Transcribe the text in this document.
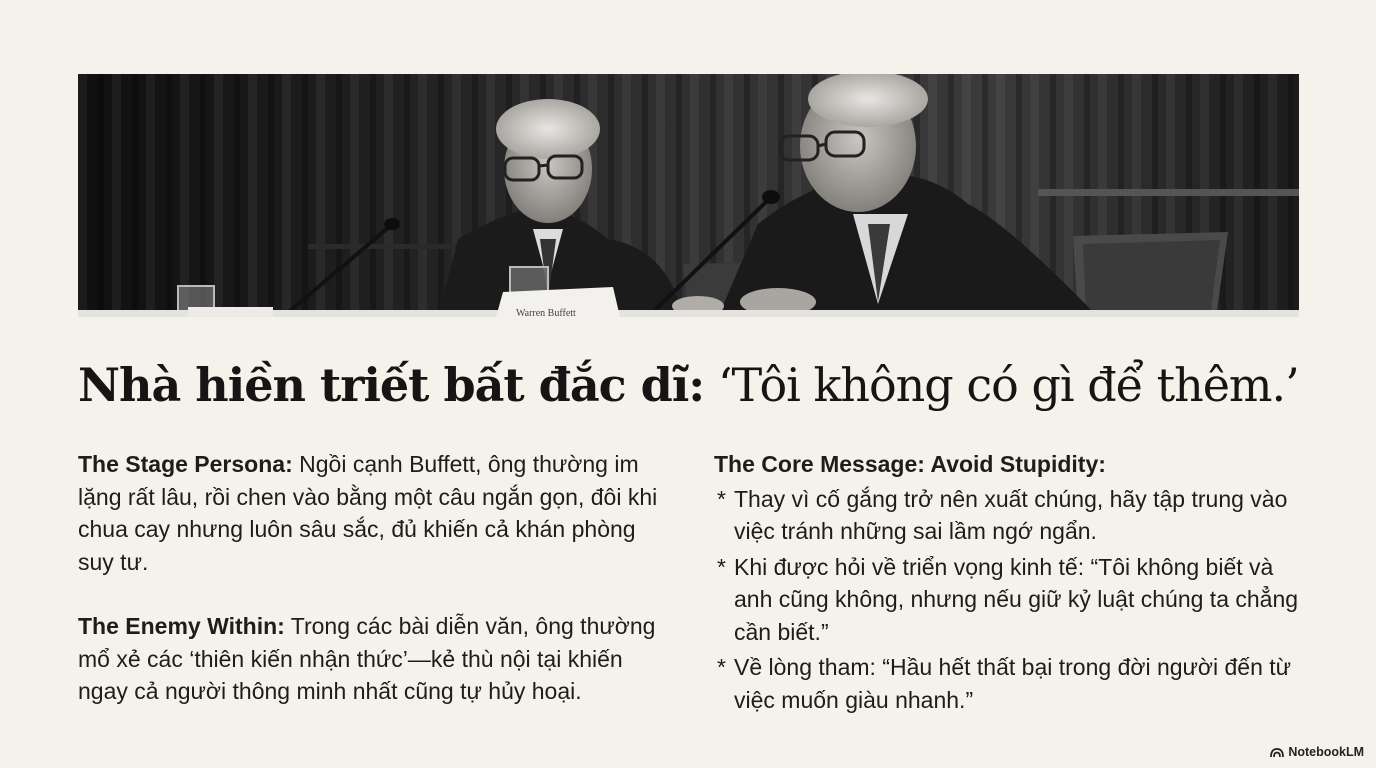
Warren Buffett
Nhà hiền triết bất đắc dĩ: ‘Tôi không có gì để thêm.’

The Stage Persona: Ngồi cạnh Buffett, ông thường im lặng rất lâu, rồi chen vào bằng một câu ngắn gọn, đôi khi chua cay nhưng luôn sâu sắc, đủ khiến cả khán phòng suy tư.

The Enemy Within: Trong các bài diễn văn, ông thường mổ xẻ các ‘thiên kiến nhận thức’—kẻ thù nội tại khiến ngay cả người thông minh nhất cũng tự hủy hoại.

The Core Message: Avoid Stupidity:

* Thay vì cố gắng trở nên xuất chúng, hãy tập trung vào việc tránh những sai lầm ngớ ngẩn.
* Khi được hỏi về triển vọng kinh tế: “Tôi không biết và anh cũng không, nhưng nếu giữ kỷ luật chúng ta chẳng cần biết.”
* Về lòng tham: “Hầu hết thất bại trong đời người đến từ việc muốn giàu nhanh.”
NotebookLM
